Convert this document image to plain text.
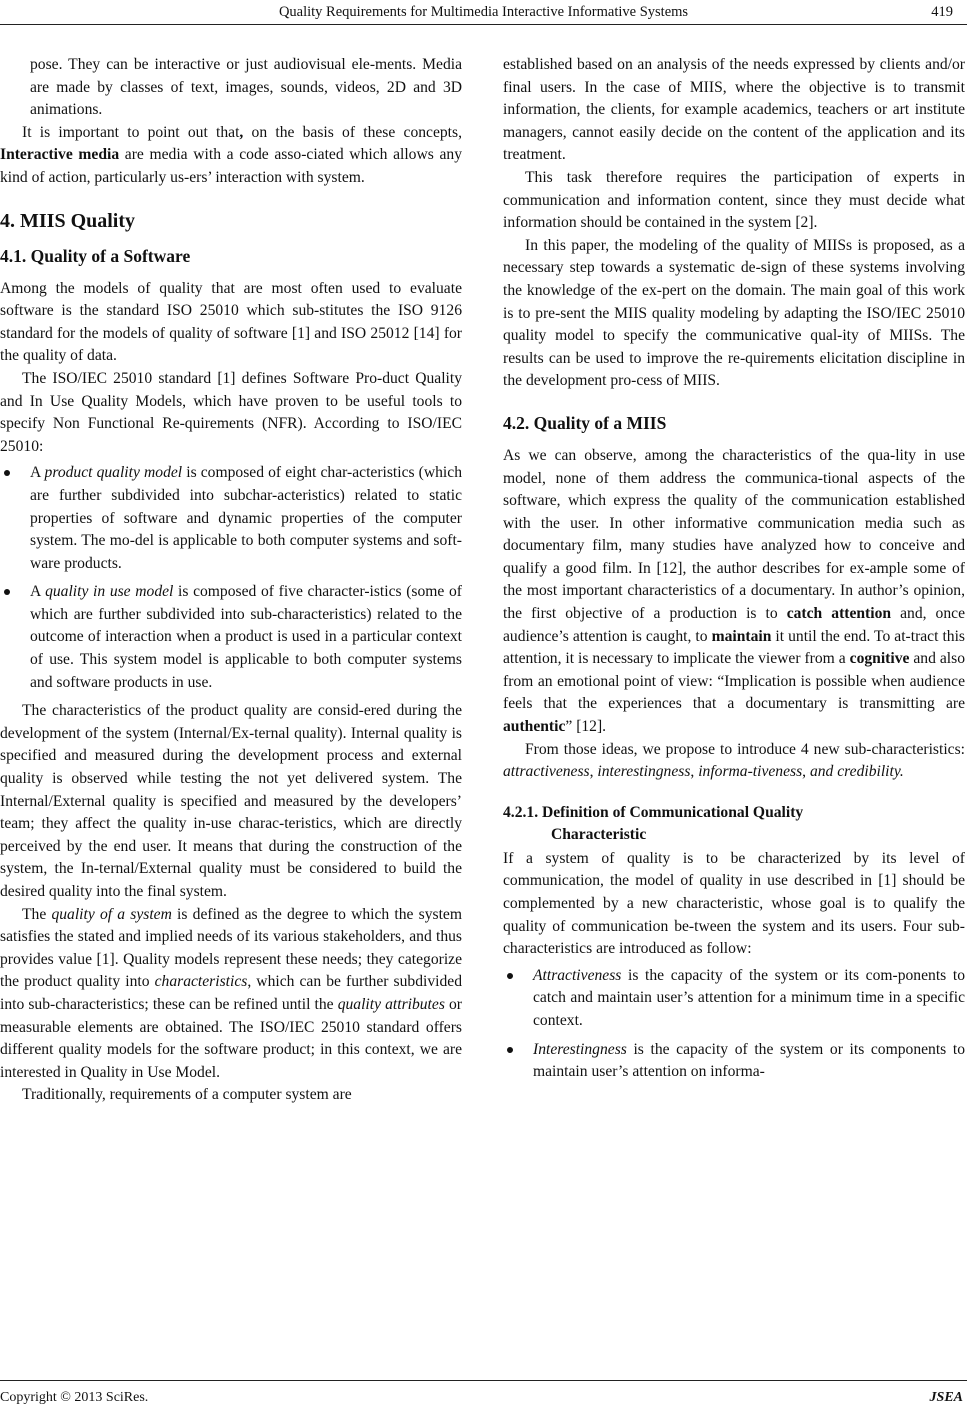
Quality Requirements for Multimedia Interactive Informative Systems	419

pose. They can be interactive or just audiovisual ele-ments. Media are made by classes of text, images, sounds, videos, 2D and 3D animations.

It is important to point out that, on the basis of these concepts, Interactive media are media with a code asso-ciated which allows any kind of action, particularly us-ers’ interaction with system.

4. MIIS Quality
4.1. Quality of a Software

Among the models of quality that are most often used to evaluate software is the standard ISO 25010 which sub-stitutes the ISO 9126 standard for the models of quality of software [1] and ISO 25012 [14] for the quality of data.

The ISO/IEC 25010 standard [1] defines Software Pro-duct Quality and In Use Quality Models, which have proven to be useful tools to specify Non Functional Re-quirements (NFR). According to ISO/IEC 25010:

A product quality model is composed of eight char-acteristics (which are further subdivided into subchar-acteristics) related to static properties of software and dynamic properties of the computer system. The mo-del is applicable to both computer systems and soft-ware products.
A quality in use model is composed of five character-istics (some of which are further subdivided into sub-characteristics) related to the outcome of interaction when a product is used in a particular context of use. This system model is applicable to both computer systems and software products in use.

The characteristics of the product quality are consid-ered during the development of the system (Internal/Ex-ternal quality). Internal quality is specified and measured during the development process and external quality is observed while testing the not yet delivered system. The Internal/External quality is specified and measured by the developers’ team; they affect the quality in-use charac-teristics, which are directly perceived by the end user. It means that during the construction of the system, the In-ternal/External quality must be considered to build the desired quality into the final system.

The quality of a system is defined as the degree to which the system satisfies the stated and implied needs of its various stakeholders, and thus provides value [1]. Quality models represent these needs; they categorize the product quality into characteristics, which can be further subdivided into sub-characteristics; these can be refined until the quality attributes or measurable elements are obtained. The ISO/IEC 25010 standard offers different quality models for the software product; in this context, we are interested in Quality in Use Model.

Traditionally, requirements of a computer system are

established based on an analysis of the needs expressed by clients and/or final users. In the case of MIIS, where the objective is to transmit information, the clients, for example academics, teachers or art institute managers, cannot easily decide on the content of the application and its treatment.

This task therefore requires the participation of experts in communication and information content, since they must decide what information should be contained in the system [2].

In this paper, the modeling of the quality of MIISs is proposed, as a necessary step towards a systematic de-sign of these systems involving the knowledge of the ex-pert on the domain. The main goal of this work is to pre-sent the MIIS quality modeling by adapting the ISO/IEC 25010 quality model to specify the communicative qual-ity of MIISs. The results can be used to improve the re-quirements elicitation discipline in the development pro-cess of MIIS.

4.2. Quality of a MIIS

As we can observe, among the characteristics of the qua-lity in use model, none of them address the communica-tional aspects of the software, which express the quality of the communication established with the user. In other informative communication media such as documentary film, many studies have analyzed how to conceive and qualify a good film. In [12], the author describes for ex-ample some of the most important characteristics of a documentary. In author’s opinion, the first objective of a production is to catch attention and, once audience’s attention is caught, to maintain it until the end. To at-tract this attention, it is necessary to implicate the viewer from a cognitive and also from an emotional point of view: “Implication is possible when audience feels that the experiences that a documentary is transmitting are authentic” [12].

From those ideas, we propose to introduce 4 new sub-characteristics: attractiveness, interestingness, informa-tiveness, and credibility.

4.2.1. Definition of Communicational Quality
Characteristic

If a system of quality is to be characterized by its level of communication, the model of quality in use described in [1] should be complemented by a new characteristic, whose goal is to qualify the quality of communication be-tween the system and its users. Four sub-characteristics are introduced as follow:

Attractiveness is the capacity of the system or its com-ponents to catch and maintain user’s attention for a minimum time in a specific context.
Interestingness is the capacity of the system or its components to maintain user’s attention on informa-
Copyright © 2013 SciRes.	JSEA
